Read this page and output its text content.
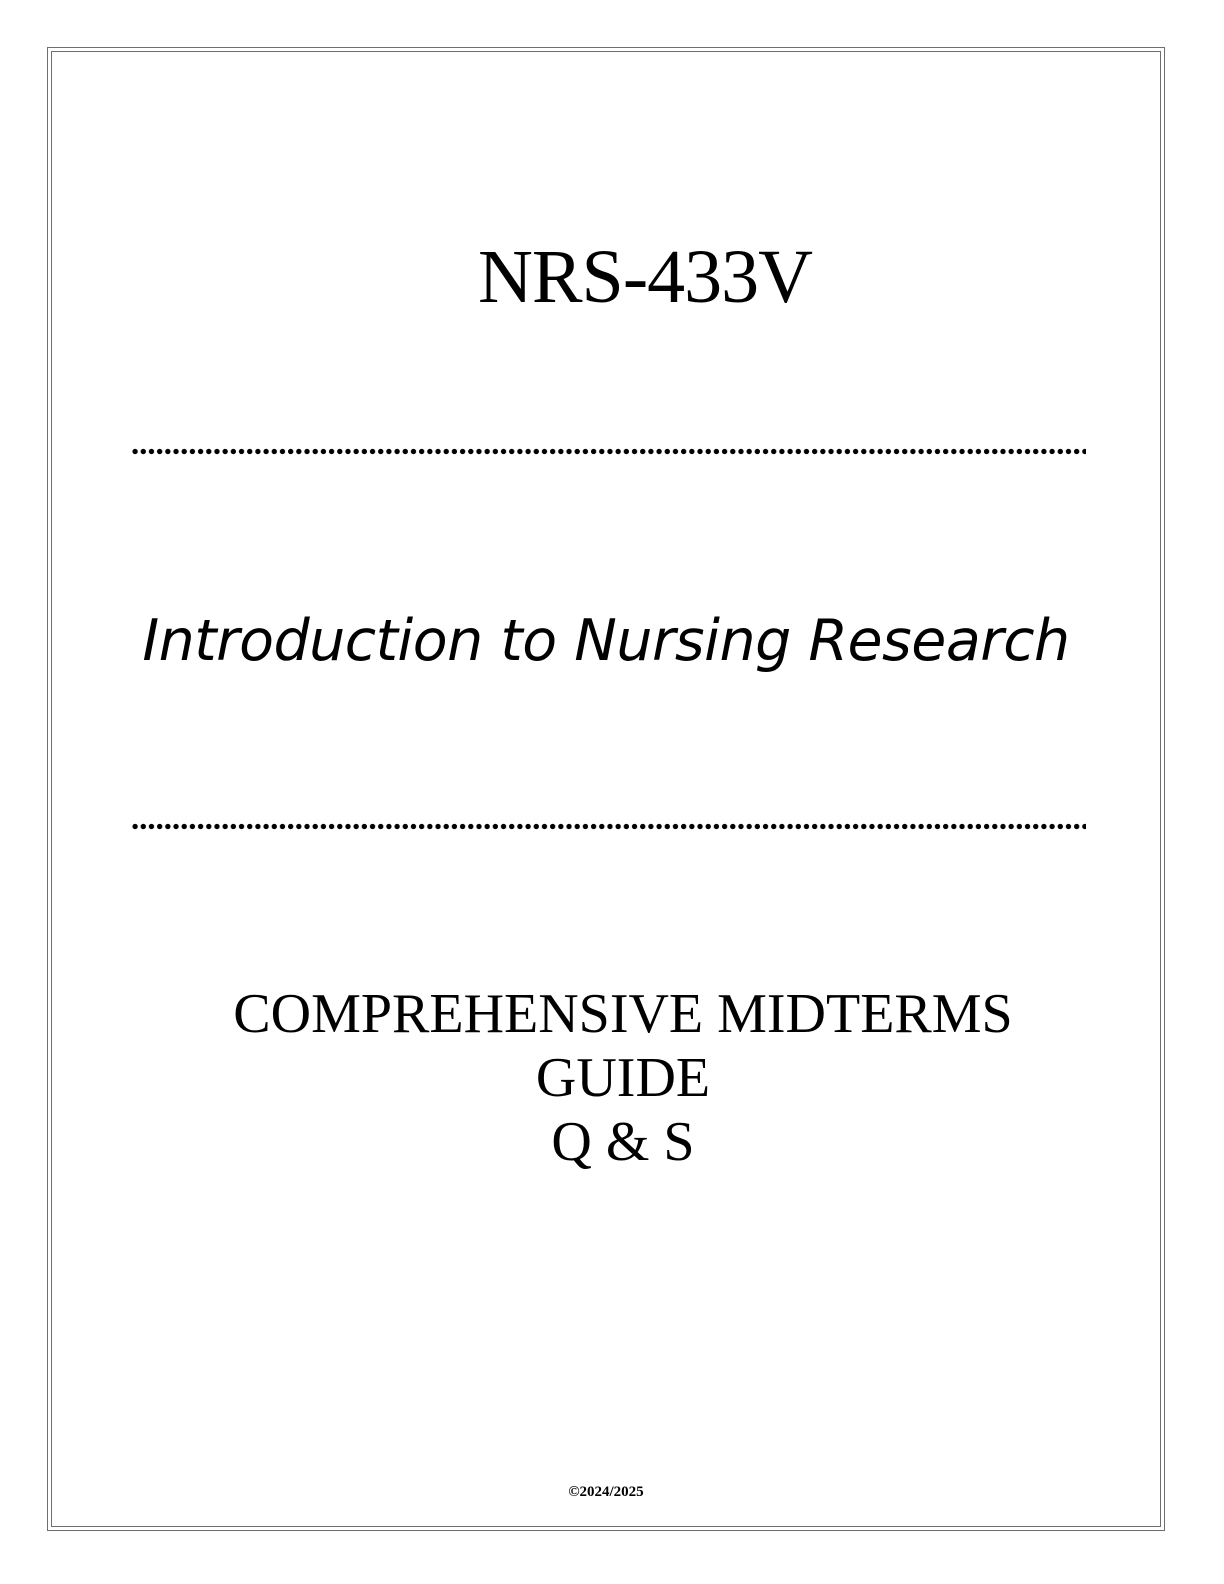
NRS-433V
Introduction to Nursing Research
COMPREHENSIVE MIDTERMS
GUIDE
Q & S
©2024/2025
